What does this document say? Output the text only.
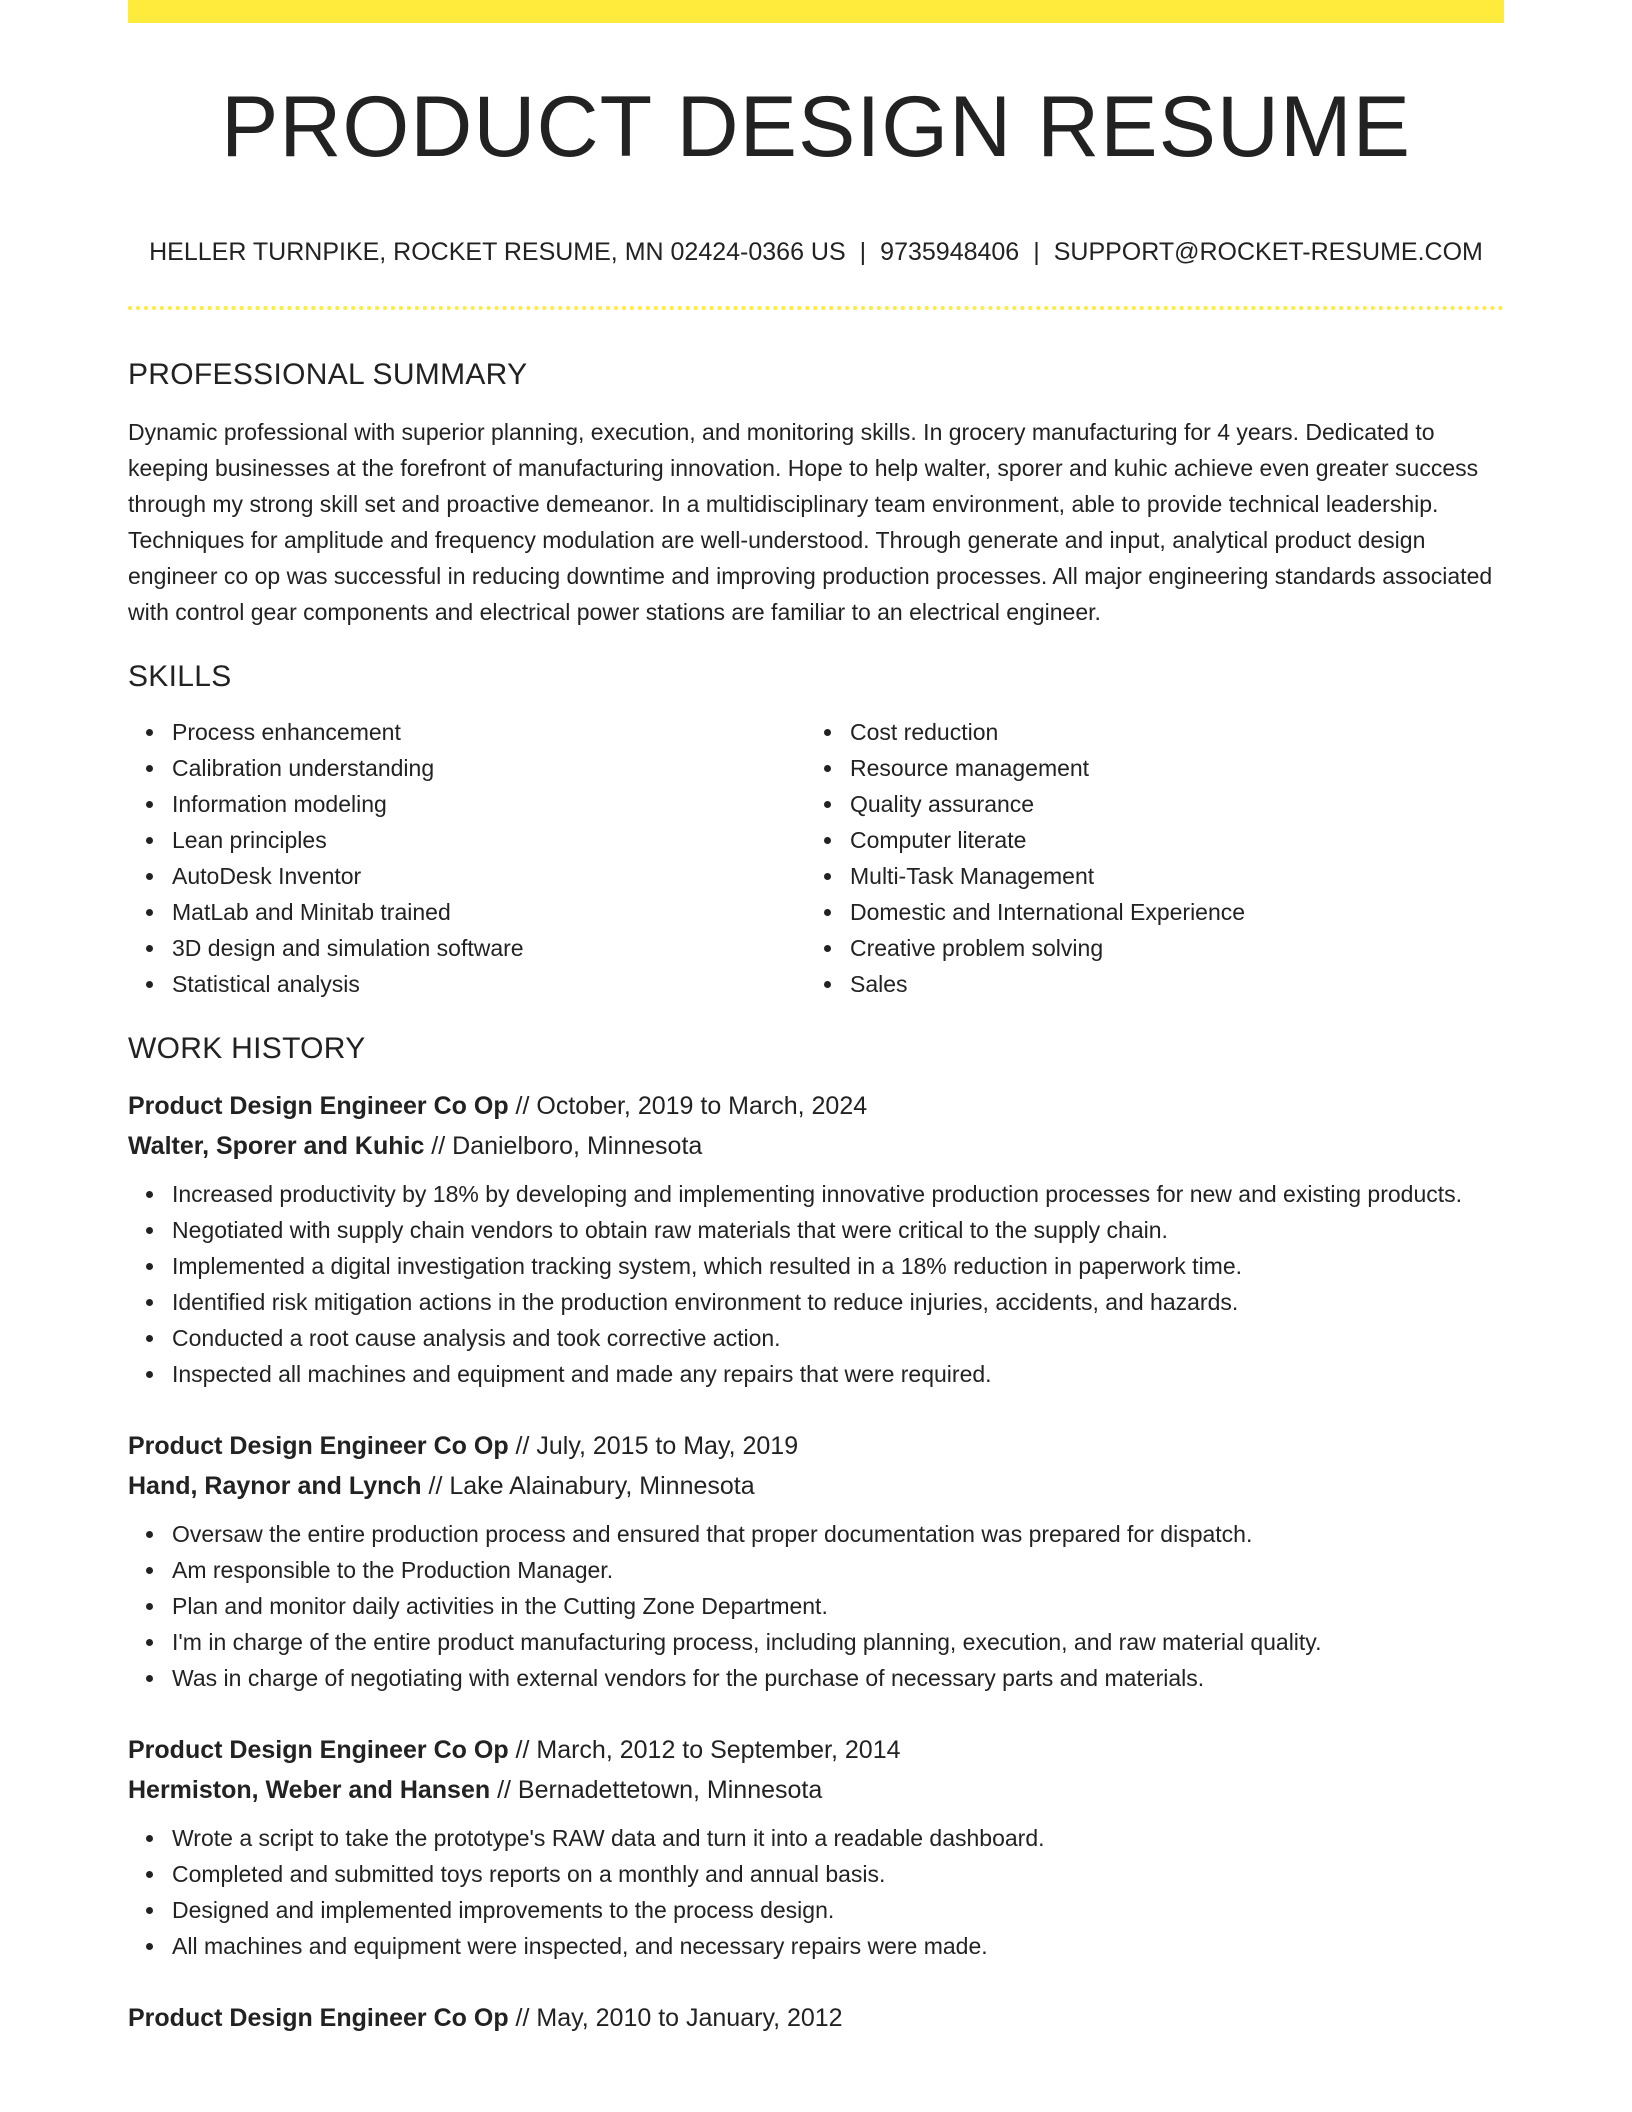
PRODUCT DESIGN RESUME
HELLER TURNPIKE, ROCKET RESUME, MN 02424-0366 US | 9735948406 | SUPPORT@ROCKET-RESUME.COM
PROFESSIONAL SUMMARY

Dynamic professional with superior planning, execution, and monitoring skills. In grocery manufacturing for 4 years. Dedicated to keeping businesses at the forefront of manufacturing innovation. Hope to help walter, sporer and kuhic achieve even greater success through my strong skill set and proactive demeanor. In a multidisciplinary team environment, able to provide technical leadership. Techniques for amplitude and frequency modulation are well-understood. Through generate and input, analytical product design engineer co op was successful in reducing downtime and improving production processes. All major engineering standards associated with control gear components and electrical power stations are familiar to an electrical engineer.

SKILLS
Process enhancement
Calibration understanding
Information modeling
Lean principles
AutoDesk Inventor
MatLab and Minitab trained
3D design and simulation software
Statistical analysis
Cost reduction
Resource management
Quality assurance
Computer literate
Multi-Task Management
Domestic and International Experience
Creative problem solving
Sales
WORK HISTORY
Product Design Engineer Co Op // October, 2019 to March, 2024
Walter, Sporer and Kuhic // Danielboro, Minnesota
Increased productivity by 18% by developing and implementing innovative production processes for new and existing products.
Negotiated with supply chain vendors to obtain raw materials that were critical to the supply chain.
Implemented a digital investigation tracking system, which resulted in a 18% reduction in paperwork time.
Identified risk mitigation actions in the production environment to reduce injuries, accidents, and hazards.
Conducted a root cause analysis and took corrective action.
Inspected all machines and equipment and made any repairs that were required.
Product Design Engineer Co Op // July, 2015 to May, 2019
Hand, Raynor and Lynch // Lake Alainabury, Minnesota
Oversaw the entire production process and ensured that proper documentation was prepared for dispatch.
Am responsible to the Production Manager.
Plan and monitor daily activities in the Cutting Zone Department.
I'm in charge of the entire product manufacturing process, including planning, execution, and raw material quality.
Was in charge of negotiating with external vendors for the purchase of necessary parts and materials.
Product Design Engineer Co Op // March, 2012 to September, 2014
Hermiston, Weber and Hansen // Bernadettetown, Minnesota
Wrote a script to take the prototype's RAW data and turn it into a readable dashboard.
Completed and submitted toys reports on a monthly and annual basis.
Designed and implemented improvements to the process design.
All machines and equipment were inspected, and necessary repairs were made.
Product Design Engineer Co Op // May, 2010 to January, 2012
